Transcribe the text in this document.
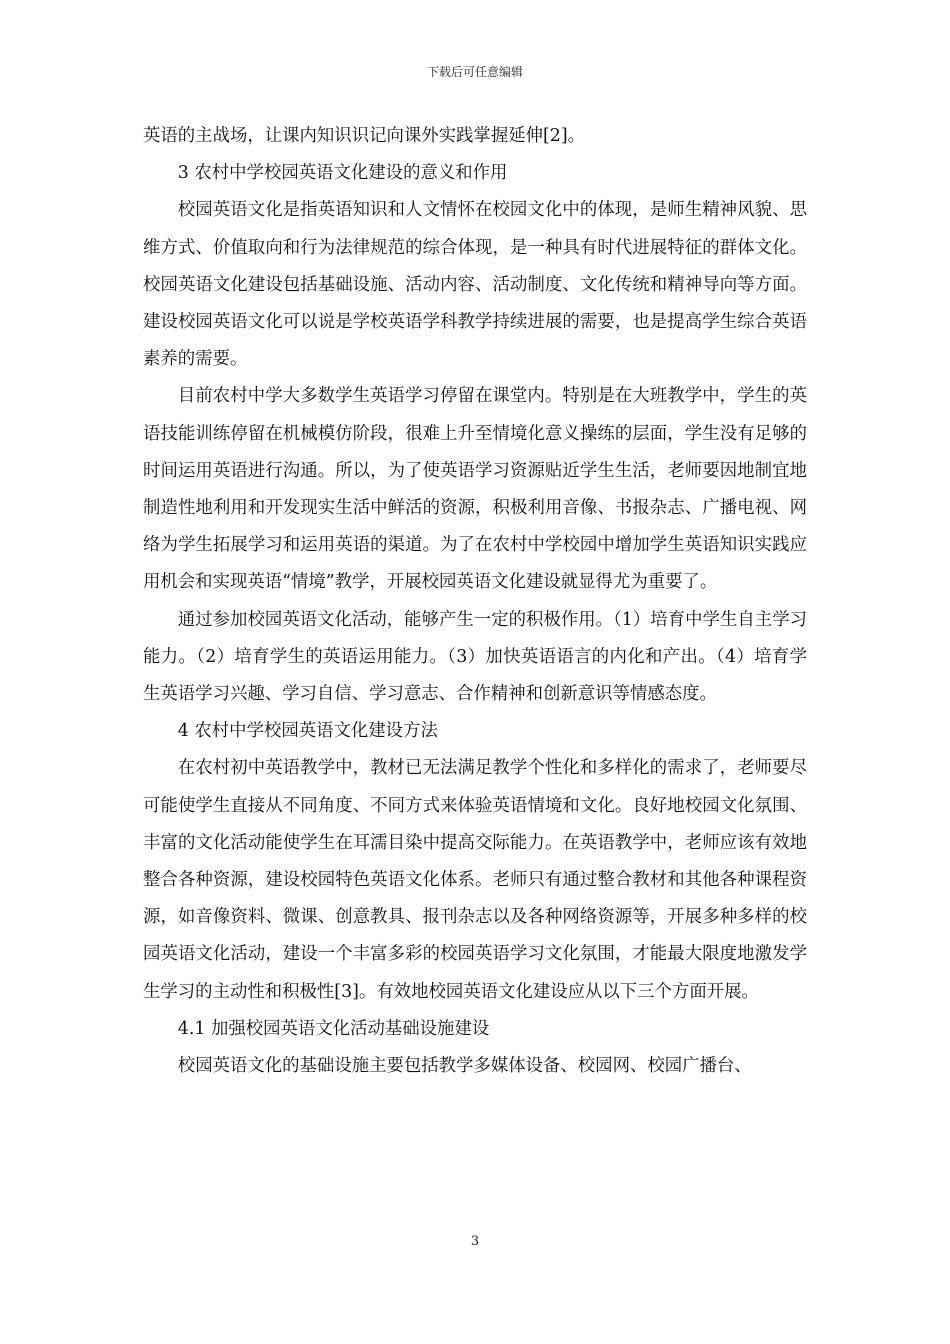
下载后可任意编辑

英语的主战场，让课内知识识记向课外实践掌握延伸[2]。

3 农村中学校园英语文化建设的意义和作用

校园英语文化是指英语知识和人文情怀在校园文化中的体现，是师生精神风貌、思维方式、价值取向和行为法律规范的综合体现，是一种具有时代进展特征的群体文化。校园英语文化建设包括基础设施、活动内容、活动制度、文化传统和精神导向等方面。建设校园英语文化可以说是学校英语学科教学持续进展的需要，也是提高学生综合英语素养的需要。

目前农村中学大多数学生英语学习停留在课堂内。特别是在大班教学中，学生的英语技能训练停留在机械模仿阶段，很难上升至情境化意义操练的层面，学生没有足够的时间运用英语进行沟通。所以，为了使英语学习资源贴近学生生活，老师要因地制宜地制造性地利用和开发现实生活中鲜活的资源，积极利用音像、书报杂志、广播电视、网络为学生拓展学习和运用英语的渠道。为了在农村中学校园中增加学生英语知识实践应用机会和实现英语“情境”教学，开展校园英语文化建设就显得尤为重要了。

通过参加校园英语文化活动，能够产生一定的积极作用。（1）培育中学生自主学习能力。（2）培育学生的英语运用能力。（3）加快英语语言的内化和产出。（4）培育学生英语学习兴趣、学习自信、学习意志、合作精神和创新意识等情感态度。

4 农村中学校园英语文化建设方法

在农村初中英语教学中，教材已无法满足教学个性化和多样化的需求了，老师要尽可能使学生直接从不同角度、不同方式来体验英语情境和文化。良好地校园文化氛围、丰富的文化活动能使学生在耳濡目染中提高交际能力。在英语教学中，老师应该有效地整合各种资源，建设校园特色英语文化体系。老师只有通过整合教材和其他各种课程资源，如音像资料、微课、创意教具、报刊杂志以及各种网络资源等，开展多种多样的校园英语文化活动，建设一个丰富多彩的校园英语学习文化氛围，才能最大限度地激发学生学习的主动性和积极性[3]。有效地校园英语文化建设应从以下三个方面开展。

4.1 加强校园英语文化活动基础设施建设

校园英语文化的基础设施主要包括教学多媒体设备、校园网、校园广播台、

3
